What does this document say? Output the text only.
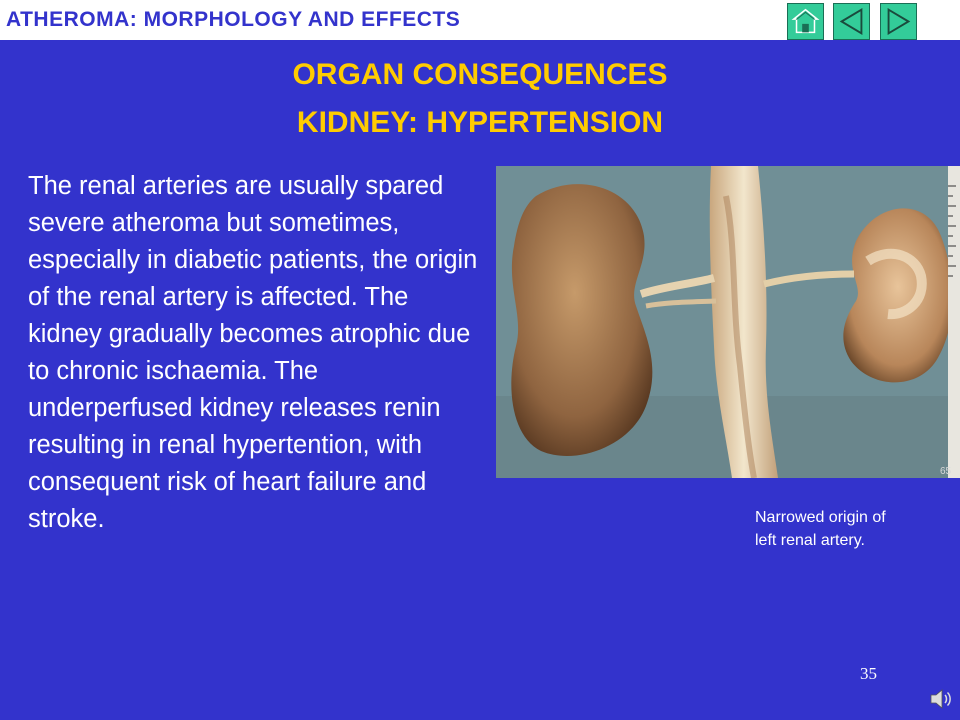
ATHEROMA: MORPHOLOGY AND EFFECTS
ORGAN CONSEQUENCES
KIDNEY: HYPERTENSION
The renal arteries are usually spared severe atheroma but sometimes, especially in diabetic patients, the origin of the renal artery is affected. The kidney gradually becomes atrophic due to chronic ischaemia. The underperfused kidney releases renin resulting in renal hypertention, with consequent risk of heart failure and stroke.
65
Narrowed origin of
left renal artery.
35
